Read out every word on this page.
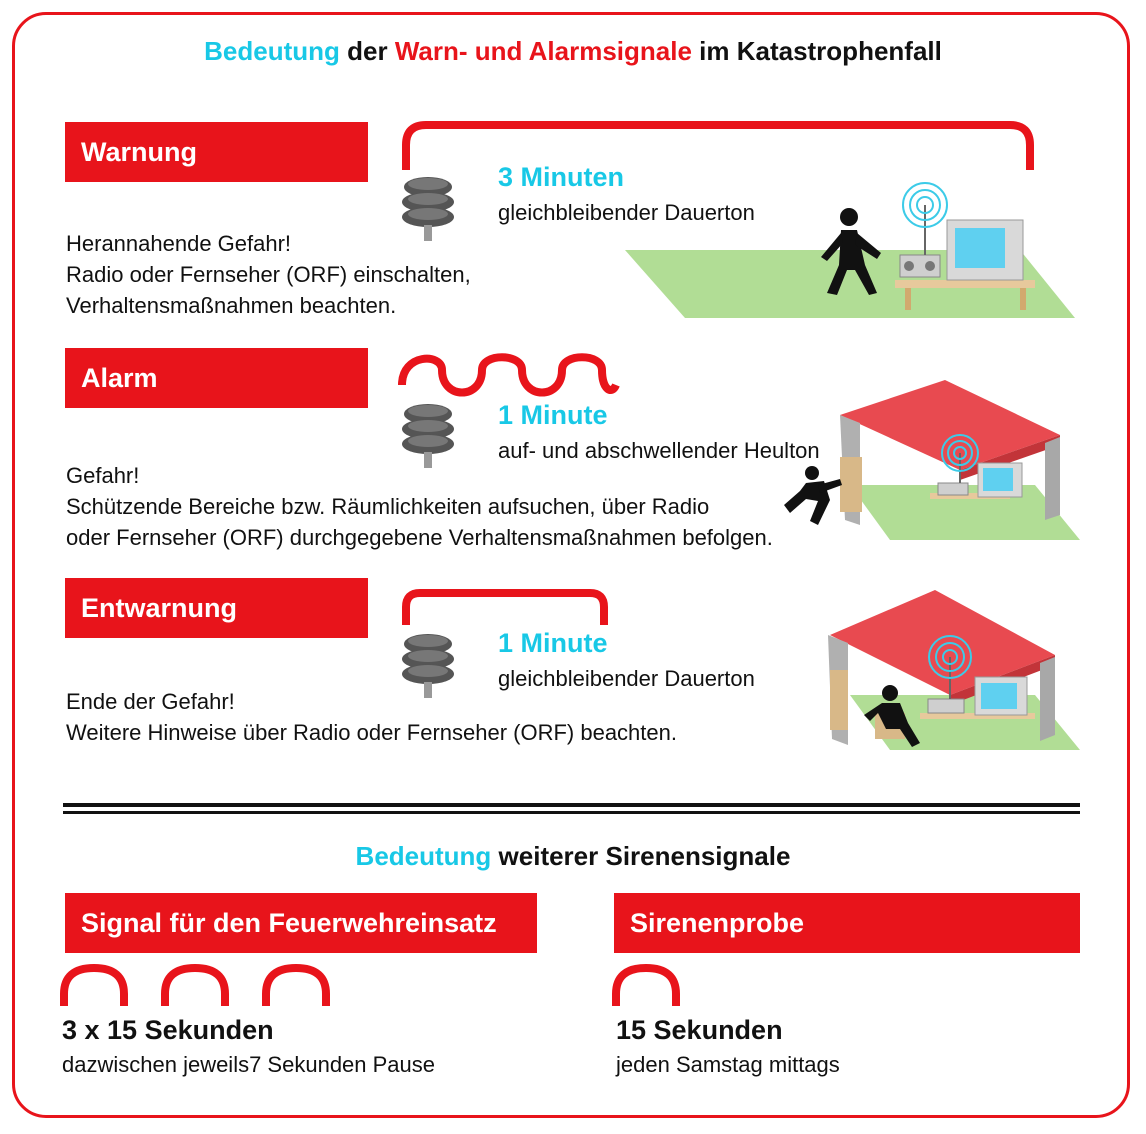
Bedeutung der Warn- und Alarmsignale im Katastrophenfall
Warnung
3 Minuten
gleichbleibender Dauerton
Herannahende Gefahr!
Radio oder Fernseher (ORF) einschalten,
Verhaltensmaßnahmen beachten.
Alarm
1 Minute
auf- und abschwellender Heulton
Gefahr!
Schützende Bereiche bzw. Räumlichkeiten aufsuchen, über Radio
oder Fernseher (ORF) durchgegebene Verhaltensmaßnahmen befolgen.
Entwarnung
1 Minute
gleichbleibender Dauerton
Ende der Gefahr!
Weitere Hinweise über Radio oder Fernseher (ORF) beachten.
Bedeutung weiterer Sirenensignale
Signal für den Feuerwehreinsatz
3 x 15 Sekunden
dazwischen jeweils7 Sekunden Pause
Sirenenprobe
15 Sekunden
jeden Samstag mittags
